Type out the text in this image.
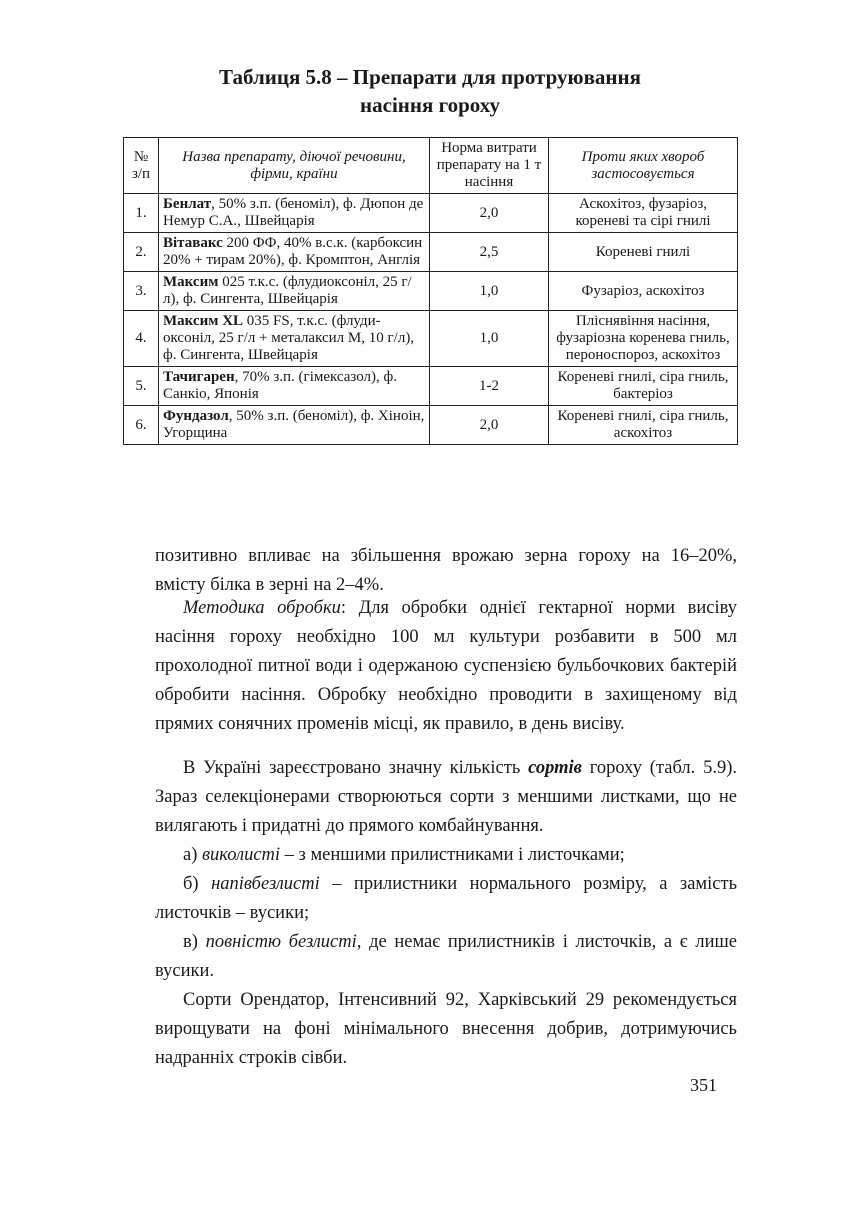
Таблиця 5.8 – Препарати для протруювання
насіння гороху
№ з/п	Назва препарату, діючої речовини, фірми, країни	Норма витрати препарату на 1 т насіння	Проти яких хвороб застосовується
1.	Бенлат, 50% з.п. (беноміл), ф. Дюпон де Немур С.А., Швейцарія	2,0	Аскохітоз, фузаріоз, кореневі та сірі гнилі
2.	Вітавакс 200 ФФ, 40% в.с.к. (карбоксин 20% + тирам 20%), ф. Кромптон, Англія	2,5	Кореневі гнилі
3.	Максим 025 т.к.с. (флудиоксоніл, 25 г/л), ф. Сингента, Швейцарія	1,0	Фузаріоз, аскохітоз
4.	Максим XL 035 FS, т.к.с. (флуди-оксоніл, 25 г/л + металаксил М, 10 г/л), ф. Сингента, Швейцарія	1,0	Пліснявіння насіння, фузаріозна коренева гниль, пероноспороз, аскохітоз
5.	Тачигарен, 70% з.п. (гімексазол), ф. Санкіо, Японія	1-2	Кореневі гнилі, сіра гниль, бактеріоз
6.	Фундазол, 50% з.п. (беноміл), ф. Хіноін, Угорщина	2,0	Кореневі гнилі, сіра гниль, аскохітоз
позитивно впливає на збільшення врожаю зерна гороху на 16–20%, вмісту білка в зерні на 2–4%.
Методика обробки: Для обробки однієї гектарної норми висіву насіння гороху необхідно 100 мл культури розбавити в 500 мл прохолодної питної води і одержаною суспензією бульбочкових бактерій обробити насіння. Обробку необхідно проводити в захищеному від прямих сонячних променів місці, як правило, в день висіву.
В Україні зареєстровано значну кількість сортів гороху (табл. 5.9). Зараз селекціонерами створюються сорти з меншими листками, що не вилягають і придатні до прямого комбайнування.
а) виколисті – з меншими прилистниками і листочками;
б) напівбезлисті – прилистники нормального розміру, а замість листочків – вусики;
в) повністю безлисті, де немає прилистників і листочків, а є лише вусики.
Сорти Орендатор, Інтенсивний 92, Харківський 29 рекомендується вирощувати на фоні мінімального внесення добрив, дотримуючись надранніх строків сівби.
351
